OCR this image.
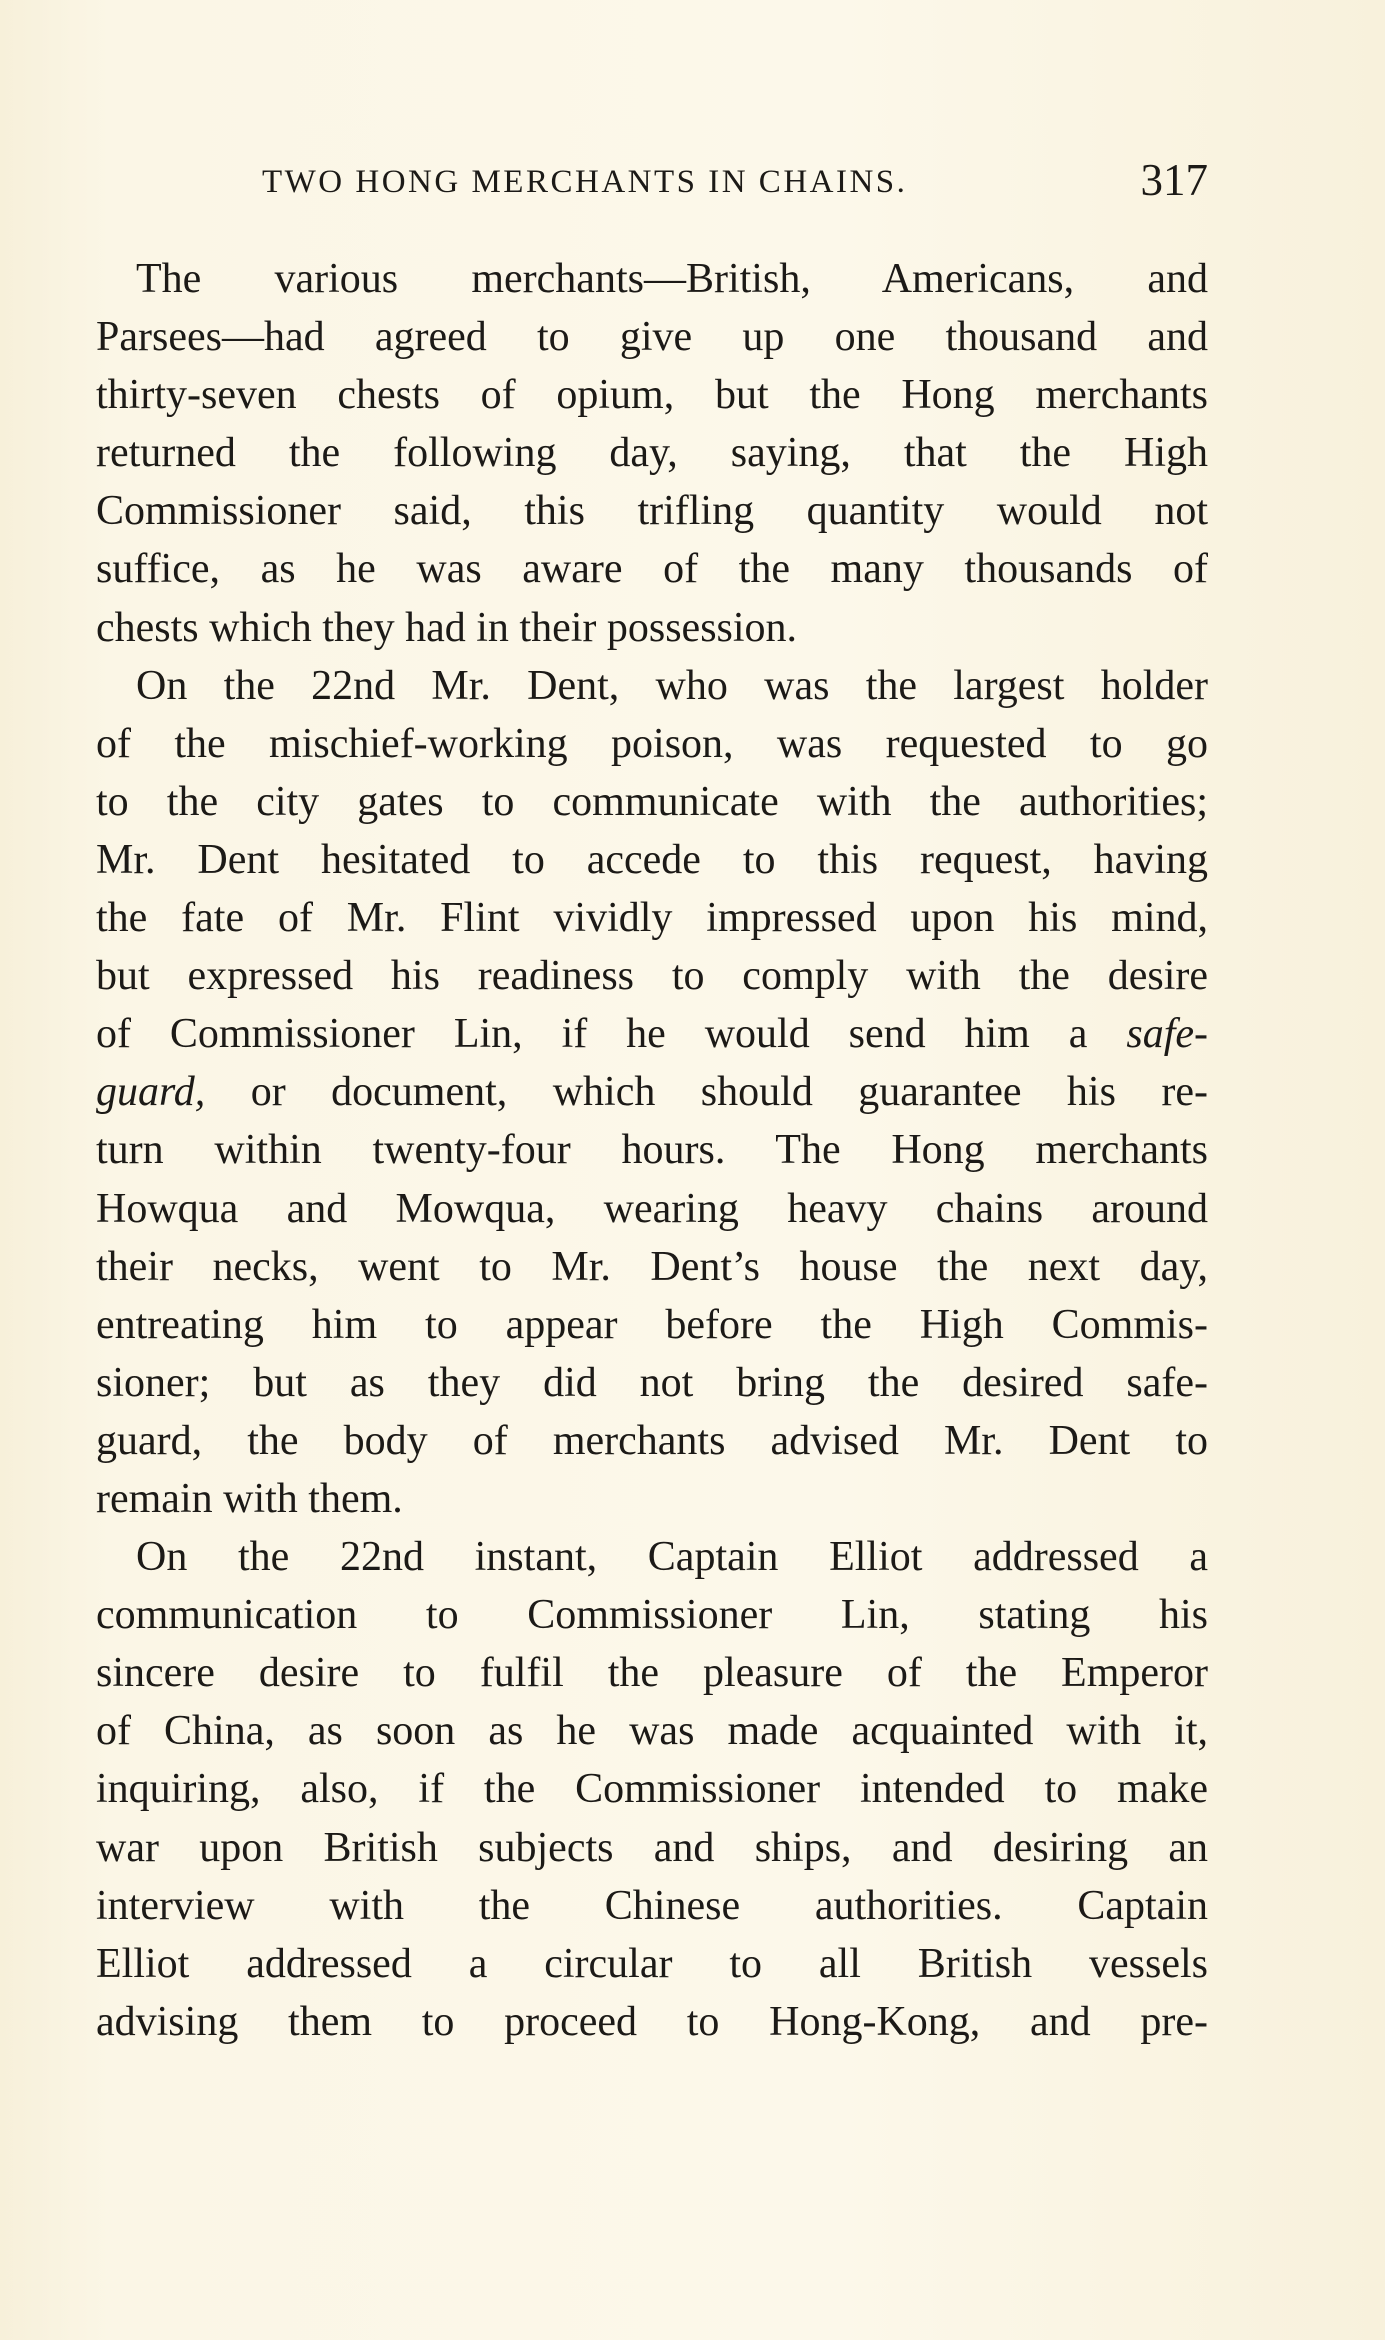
TWO HONG MERCHANTS IN CHAINS.	317
The various merchants—British, Americans, and
Parsees—had agreed to give up one thousand and
thirty-seven chests of opium, but the Hong merchants
returned the following day, saying, that the High
Commissioner said, this trifling quantity would not
suffice, as he was aware of the many thousands of
chests which they had in their possession.
On the 22nd Mr. Dent, who was the largest holder
of the mischief-working poison, was requested to go
to the city gates to communicate with the authorities;
Mr. Dent hesitated to accede to this request, having
the fate of Mr. Flint vividly impressed upon his mind,
but expressed his readiness to comply with the desire
of Commissioner Lin, if he would send him a safe-
guard, or document, which should guarantee his re-
turn within twenty-four hours. The Hong merchants
Howqua and Mowqua, wearing heavy chains around
their necks, went to Mr. Dent’s house the next day,
entreating him to appear before the High Commis-
sioner; but as they did not bring the desired safe-
guard, the body of merchants advised Mr. Dent to
remain with them.
On the 22nd instant, Captain Elliot addressed a
communication to Commissioner Lin, stating his
sincere desire to fulfil the pleasure of the Emperor
of China, as soon as he was made acquainted with it,
inquiring, also, if the Commissioner intended to make
war upon British subjects and ships, and desiring an
interview with the Chinese authorities. Captain
Elliot addressed a circular to all British vessels
advising them to proceed to Hong-Kong, and pre-
